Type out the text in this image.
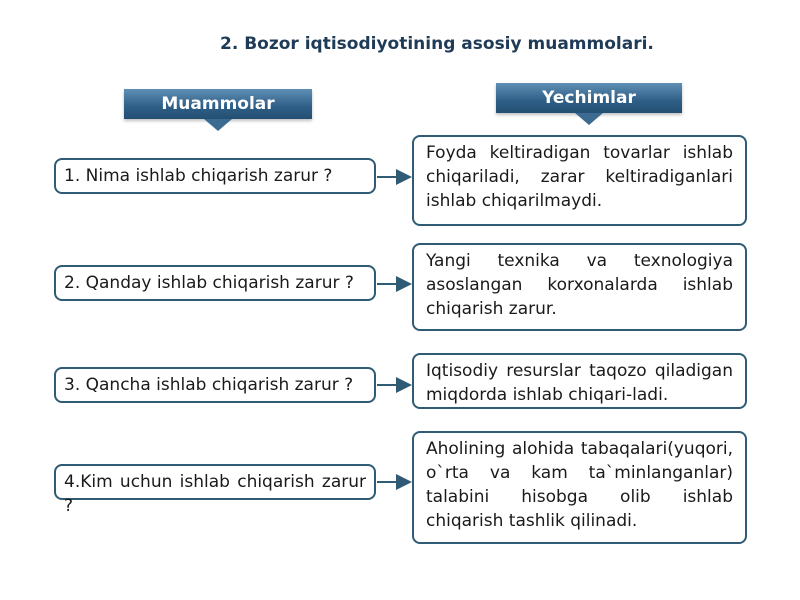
2. Bozor iqtisodiyotining asosiy muammolari.
Muammolar	Yechimlar
1. Nima ishlab chiqarish zarur ?
2. Qanday ishlab chiqarish zarur ?
3. Qancha ishlab chiqarish zarur ?
4.Kim uchun ishlab chiqarish zarur ?
Foyda keltiradigan tovarlar ishlab chiqariladi, zarar keltiradiganlari ishlab chiqarilmaydi.
Yangi texnika va texnologiya asoslangan korxonalarda ishlab chiqarish zarur.
Iqtisodiy resurslar taqozo qiladigan miqdorda ishlab chiqari-ladi.
Aholining alohida tabaqalari(yuqori, o`rta va kam ta`minlanganlar) talabini hisobga olib ishlab chiqarish tashlik qilinadi.
